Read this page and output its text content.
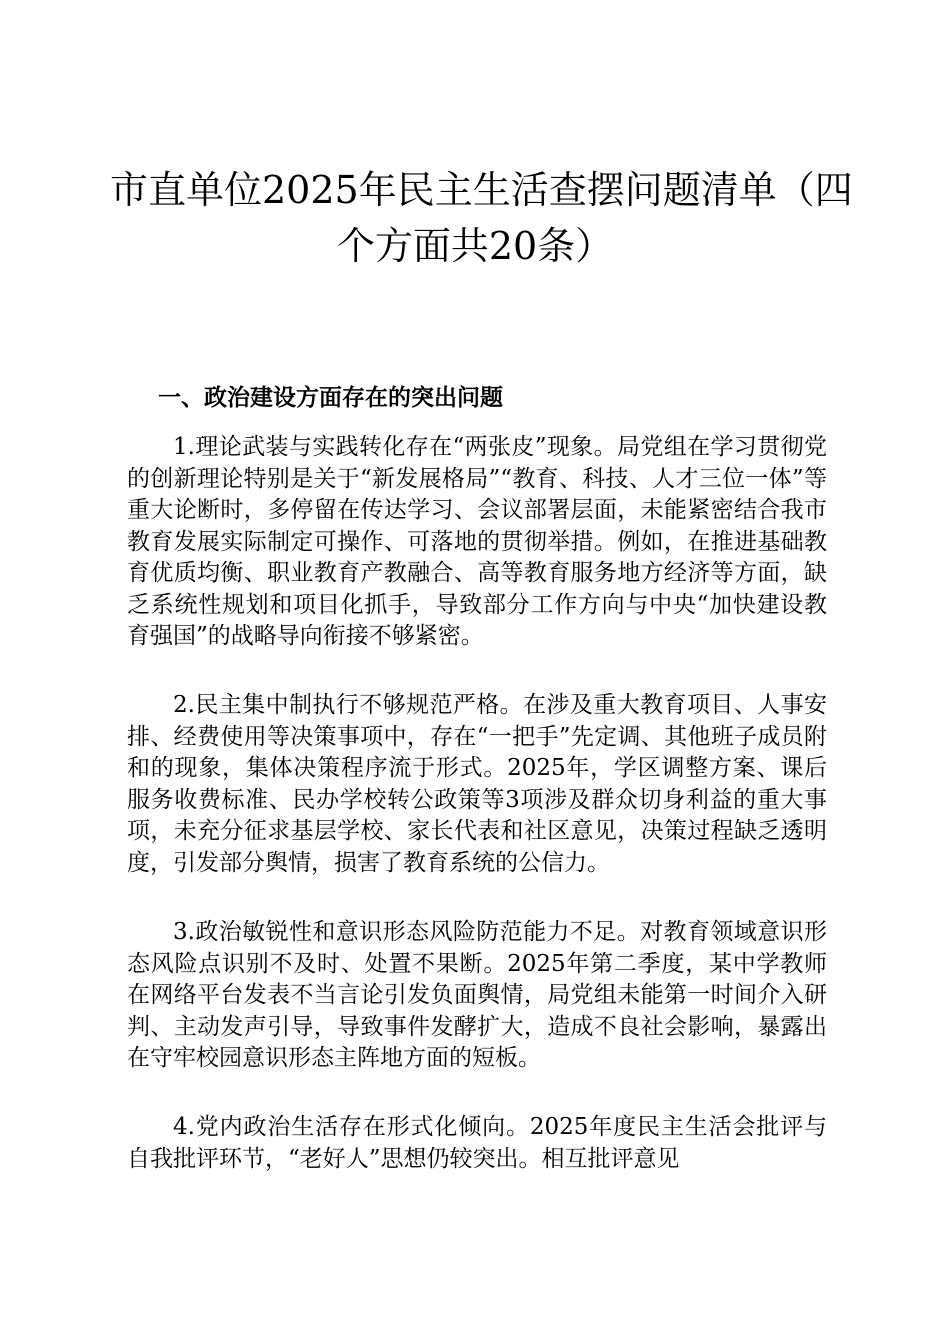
市直单位2025年民主生活查摆问题清单（四
个方面共20条）
一、政治建设方面存在的突出问题

1.理论武装与实践转化存在“两张皮”现象。局党组在学习贯彻党的创新理论特别是关于“新发展格局”“教育、科技、人才三位一体”等重大论断时，多停留在传达学习、会议部署层面，未能紧密结合我市教育发展实际制定可操作、可落地的贯彻举措。例如，在推进基础教育优质均衡、职业教育产教融合、高等教育服务地方经济等方面，缺乏系统性规划和项目化抓手，导致部分工作方向与中央“加快建设教育强国”的战略导向衔接不够紧密。

2.民主集中制执行不够规范严格。在涉及重大教育项目、人事安排、经费使用等决策事项中，存在“一把手”先定调、其他班子成员附和的现象，集体决策程序流于形式。2025年，学区调整方案、课后服务收费标准、民办学校转公政策等3项涉及群众切身利益的重大事项，未充分征求基层学校、家长代表和社区意见，决策过程缺乏透明度，引发部分舆情，损害了教育系统的公信力。

3.政治敏锐性和意识形态风险防范能力不足。对教育领域意识形态风险点识别不及时、处置不果断。2025年第二季度，某中学教师在网络平台发表不当言论引发负面舆情，局党组未能第一时间介入研判、主动发声引导，导致事件发酵扩大，造成不良社会影响，暴露出在守牢校园意识形态主阵地方面的短板。

4.党内政治生活存在形式化倾向。2025年度民主生活会批评与自我批评环节，“老好人”思想仍较突出。相互批评意见
